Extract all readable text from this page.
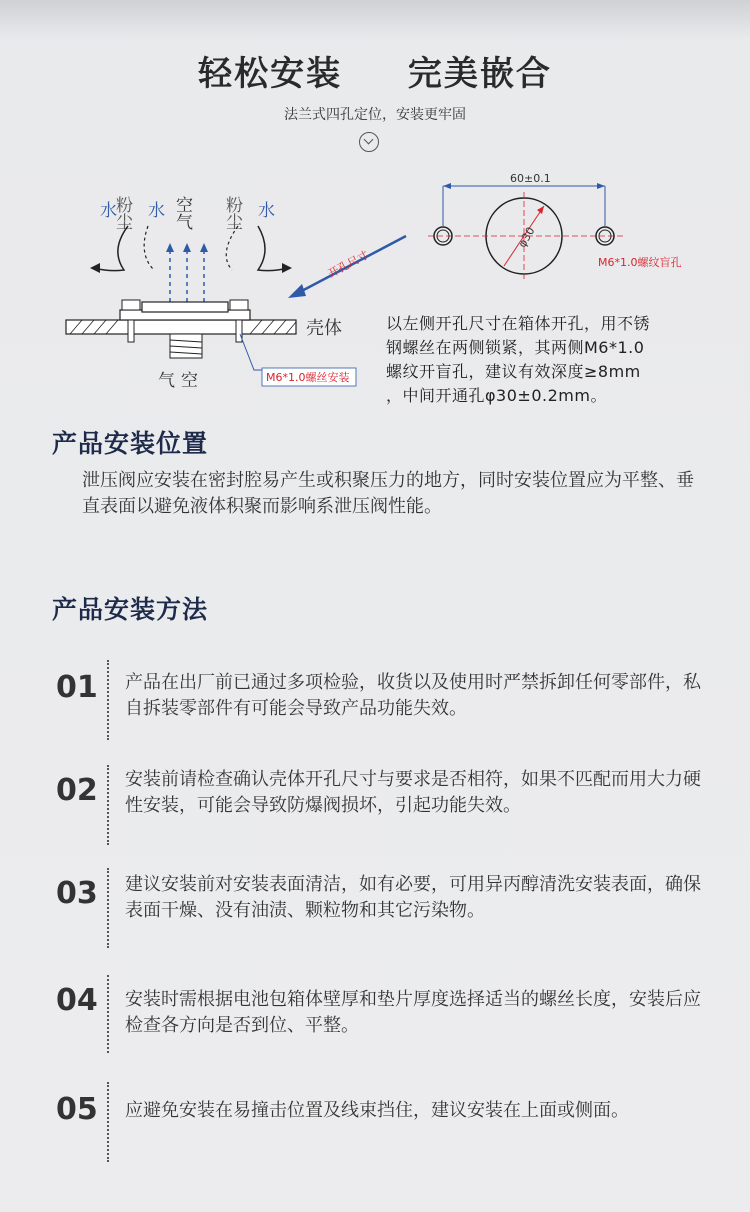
轻松安装 完美嵌合
法兰式四孔定位，安装更牢固
粉尘
水 水 空气 粉尘 水
壳体
气空	M6*1.0螺丝安装
开孔尺寸
60±0.1
φ30
M6*1.0螺纹盲孔
以左侧开孔尺寸在箱体开孔，用不锈
钢螺丝在两侧锁紧，其两侧M6*1.0
螺纹开盲孔，建议有效深度≥8mm
，中间开通孔φ30±0.2mm。
产品安装位置
泄压阀应安装在密封腔易产生或积聚压力的地方，同时安装位置应为平整、垂直表面以避免液体积聚而影响系泄压阀性能。
产品安装方法
01 产品在出厂前已通过多项检验，收货以及使用时严禁拆卸任何零部件，私自拆装零部件有可能会导致产品功能失效。
02 安装前请检查确认壳体开孔尺寸与要求是否相符，如果不匹配而用大力硬性安装，可能会导致防爆阀损坏，引起功能失效。
03 建议安装前对安装表面清洁，如有必要，可用异丙醇清洗安装表面，确保表面干燥、没有油渍、颗粒物和其它污染物。
04 安装时需根据电池包箱体壁厚和垫片厚度选择适当的螺丝长度，安装后应检查各方向是否到位、平整。
05 应避免安装在易撞击位置及线束挡住，建议安装在上面或侧面。
